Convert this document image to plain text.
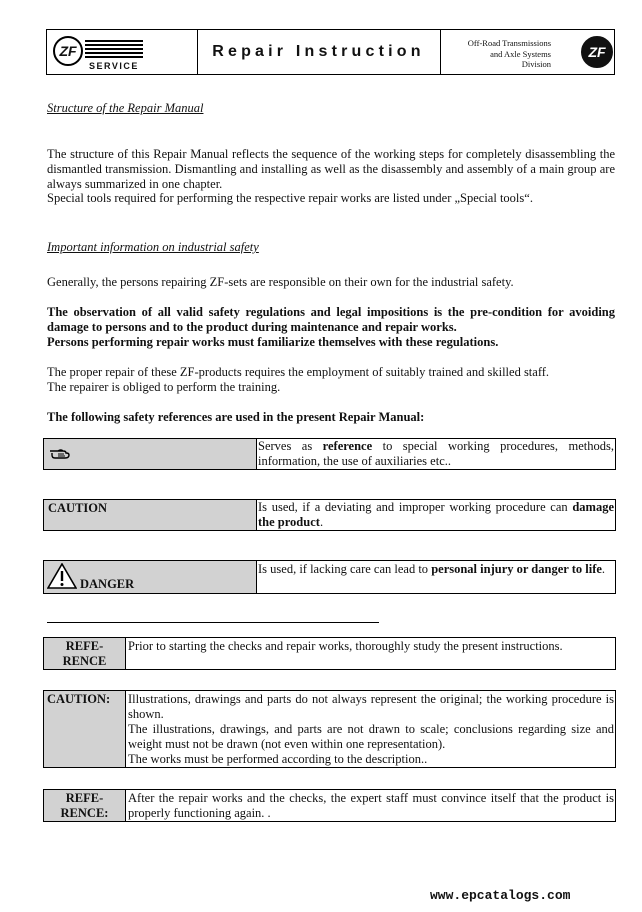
ZF
SERVICE
Repair Instruction	Off-Road Transmissions
and Axle Systems
Division
ZF
Structure of the Repair Manual
The structure of this Repair Manual reflects the sequence of the working steps for completely disassembling the dismantled transmission. Dismantling and installing as well as the disassembly and assembly of a main group are always summarized in one chapter.
Special tools required for performing the respective repair works are listed under „Special tools“.
Important information on industrial safety
Generally, the persons repairing ZF-sets are responsible on their own for the industrial safety.
The observation of all valid safety regulations and legal impositions is the pre-condition for avoiding damage to persons and to the product during maintenance and repair works.
Persons performing repair works must familiarize themselves with these regulations.
The proper repair of these ZF-products requires the employment of suitably trained and skilled staff.
The repairer is obliged to perform the training.
The following safety references are used in the present Repair Manual:
Serves as reference to special working procedures, methods, information, the use of auxiliaries etc..
CAUTION	Is used, if a deviating and improper working procedure can damage the product.
DANGER
Is used, if lacking care can lead to personal injury or danger to life.
REFE-
RENCE
Prior to starting the checks and repair works, thoroughly study the present instructions.
CAUTION: Illustrations, drawings and parts do not always represent the original; the working procedure is shown.
The illustrations, drawings, and parts are not drawn to scale; conclusions regarding size and weight must not be drawn (not even within one representation).
The works must be performed according to the description..
REFE-
RENCE:
After the repair works and the checks, the expert staff must convince itself that the product is properly functioning again. .
www.epcatalogs.com
